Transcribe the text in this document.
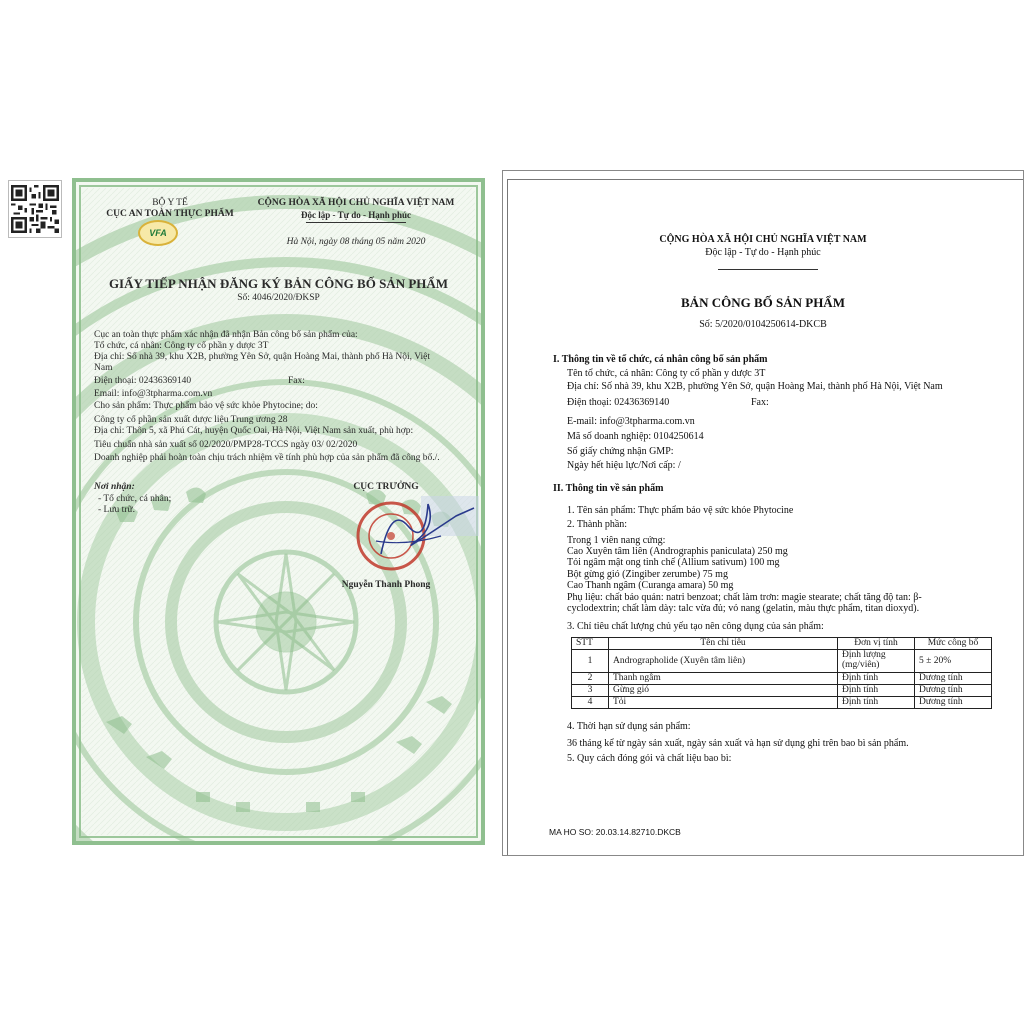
BỘ Y TẾ
CỤC AN TOÀN THỰC PHẨM
VFA
CỘNG HÒA XÃ HỘI CHỦ NGHĨA VIỆT NAM
Độc lập - Tự do - Hạnh phúc
Hà Nội, ngày 08 tháng 05 năm 2020
GIẤY TIẾP NHẬN ĐĂNG KÝ BẢN CÔNG BỐ SẢN PHẨM
Số: 4046/2020/ĐKSP
Cục an toàn thực phẩm xác nhận đã nhận Bản công bố sản phẩm của:
Tổ chức, cá nhân: Công ty cổ phần y dược 3T
Địa chỉ: Số nhà 39, khu X2B, phường Yên Sở, quận Hoàng Mai, thành phố Hà Nội, Việt
Nam
Điện thoại: 02436369140	Fax:
Email: info@3tpharma.com.vn
Cho sản phẩm: Thực phẩm bảo vệ sức khỏe Phytocine; do:
Công ty cổ phần sản xuất dược liệu Trung ương 28
Địa chỉ: Thôn 5, xã Phú Cát, huyện Quốc Oai, Hà Nội, Việt Nam sản xuất, phù hợp:
Tiêu chuẩn nhà sản xuất số 02/2020/PMP28-TCCS ngày 03/ 02/2020
Doanh nghiệp phải hoàn toàn chịu trách nhiệm về tính phù hợp của sản phẩm đã công bố./.
Nơi nhận:
- Tổ chức, cá nhân;
- Lưu trữ.
CỤC TRƯỞNG
Nguyễn Thanh Phong
CỘNG HÒA XÃ HỘI CHỦ NGHĨA VIỆT NAM
Độc lập - Tự do - Hạnh phúc
BẢN CÔNG BỐ SẢN PHẨM
Số: 5/2020/0104250614-DKCB
I. Thông tin về tổ chức, cá nhân công bố sản phẩm
Tên tổ chức, cá nhân: Công ty cổ phần y dược 3T
Địa chỉ: Số nhà 39, khu X2B, phường Yên Sở, quận Hoàng Mai, thành phố Hà Nội, Việt Nam
Điện thoại: 02436369140	Fax:
E-mail: info@3tpharma.com.vn
Mã số doanh nghiệp: 0104250614
Số giấy chứng nhận GMP:
Ngày hết hiệu lực/Nơi cấp: /
II. Thông tin về sản phẩm
1. Tên sản phẩm: Thực phẩm bảo vệ sức khỏe Phytocine
2. Thành phần:
Trong 1 viên nang cứng:
Cao Xuyên tâm liên (Andrographis paniculata) 250 mg
Tỏi ngâm mật ong tinh chế (Allium sativum) 100 mg
Bột gừng gió (Zingiber zerumbe) 75 mg
Cao Thanh ngâm (Curanga amara) 50 mg
Phụ liệu: chất bảo quản: natri benzoat; chất làm trơn: magie stearate; chất tăng độ tan: β-
cyclodextrin; chất làm dày: talc vừa đủ; vỏ nang (gelatin, màu thực phẩm, titan dioxyd).
3. Chỉ tiêu chất lượng chủ yếu tạo nên công dụng của sản phẩm:
STT	Tên chỉ tiêu	Đơn vị tính	Mức công bố
1	Andrographolide (Xuyên tâm liên)	Định lượng (mg/viên)	5 ± 20%
2	Thanh ngâm	Định tính	Dương tính
3	Gừng gió	Định tính	Dương tính
4	Tỏi	Định tính	Dương tính
4. Thời hạn sử dụng sản phẩm:
36 tháng kể từ ngày sản xuất, ngày sản xuất và hạn sử dụng ghi trên bao bì sản phẩm.
5. Quy cách đóng gói và chất liệu bao bì:
MA HO SO: 20.03.14.82710.DKCB
